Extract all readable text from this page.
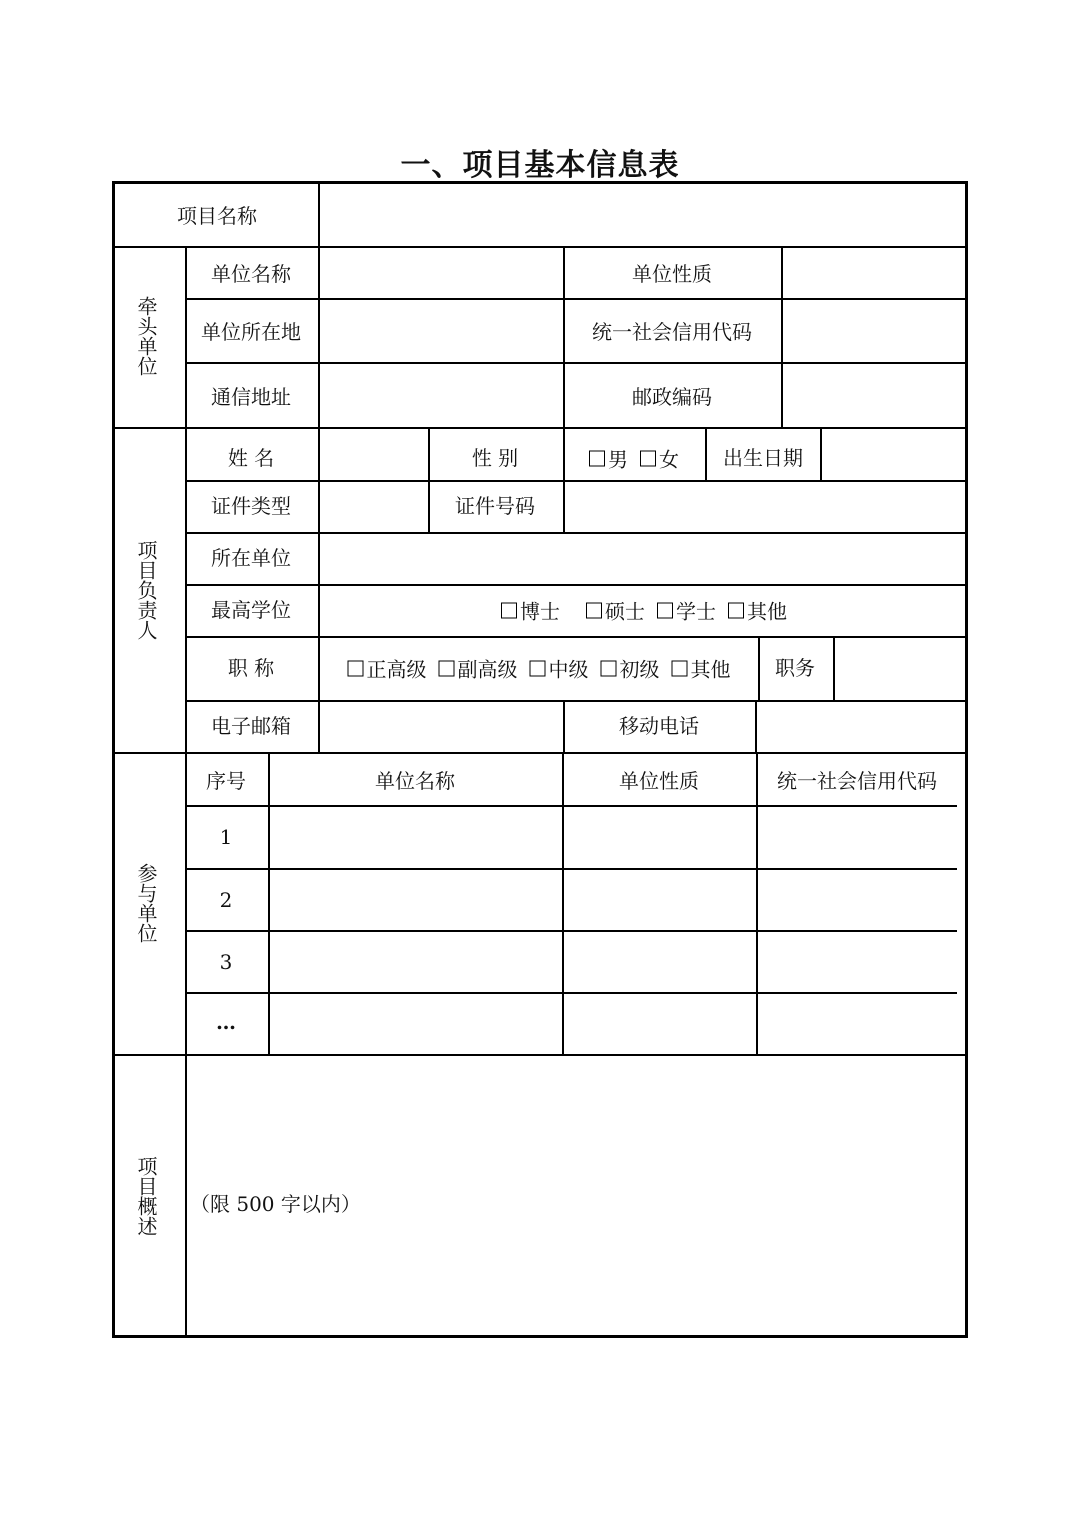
一、项目基本信息表
项目名称
牵头单位
单位名称	单位性质
单位所在地	统一社会信用代码
通信地址	邮政编码
项目负责人
姓 名	性 别	男 女 出生日期
证件类型	证件号码
所在单位
最高学位	博士 硕士 学士 其他
职 称	正高级 副高级 中级 初级 其他 职务
电子邮箱	移动电话
参与单位
序号	单位名称	单位性质	统一社会信用代码
1
2
3
…
项目概述 （限 500 字以内）
